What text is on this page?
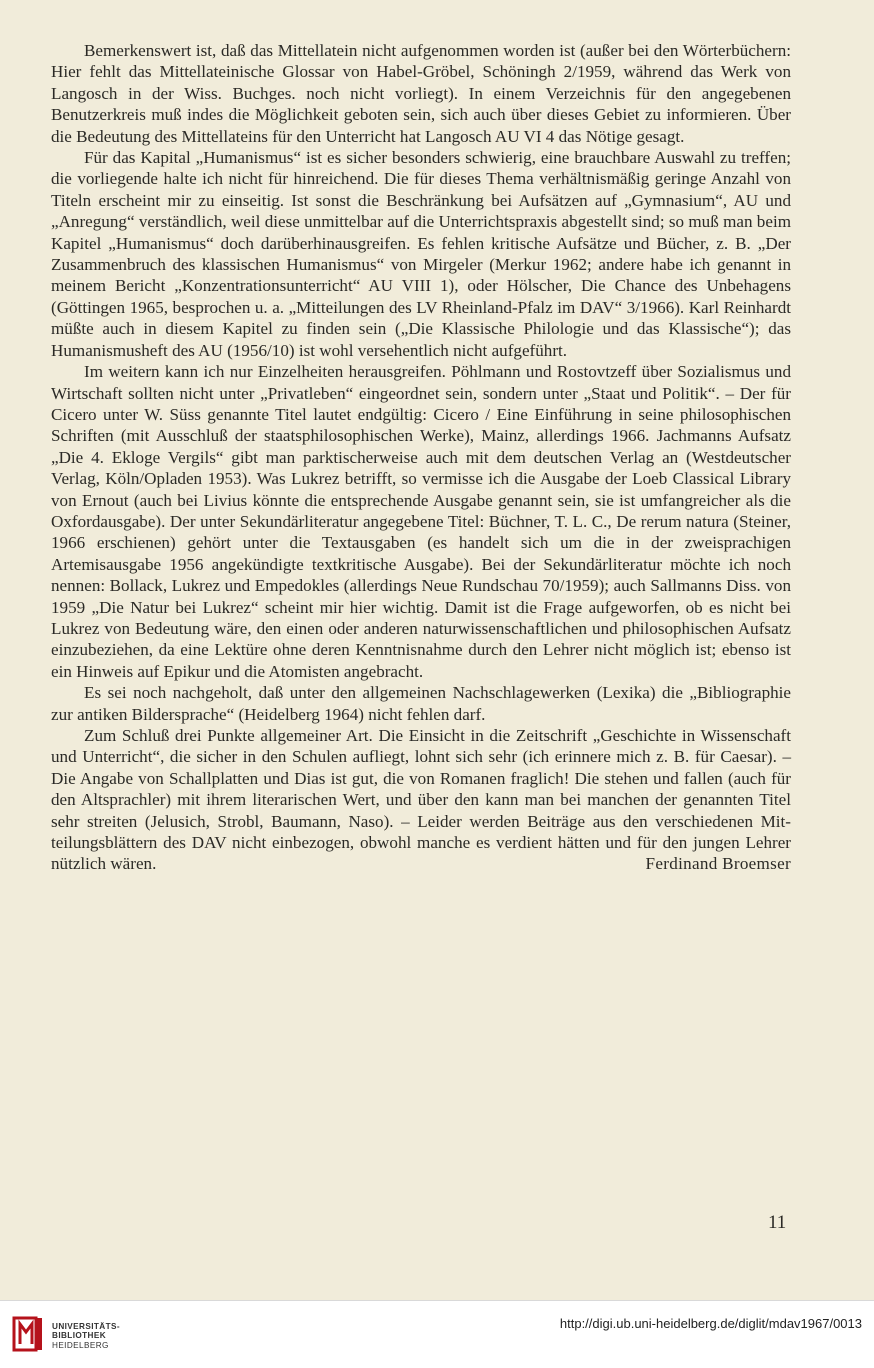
Bemerkenswert ist, daß das Mittellatein nicht aufgenommen worden ist (außer bei den Wörterbüchern: Hier fehlt das Mittellateinische Glossar von Habel-Gröbel, Schöningh 2/1959, während das Werk von Langosch in der Wiss. Buchges. noch nicht vorliegt). In einem Verzeichnis für den angegebenen Benutzerkreis muß indes die Möglichkeit geboten sein, sich auch über dieses Gebiet zu informieren. Über die Bedeutung des Mittellateins für den Unterricht hat Langosch AU VI 4 das Nötige gesagt.

Für das Kapital „Humanismus“ ist es sicher besonders schwierig, eine brauchbare Auswahl zu treffen; die vorliegende halte ich nicht für hinreichend. Die für dieses Thema verhältnismäßig geringe Anzahl von Titeln erscheint mir zu einseitig. Ist sonst die Beschränkung bei Aufsätzen auf „Gymnasium“, AU und „Anregung“ verständlich, weil diese unmittelbar auf die Unterrichtspraxis abgestellt sind; so muß man beim Kapitel „Humanismus“ doch darüberhinausgreifen. Es fehlen kritische Aufsätze und Bücher, z. B. „Der Zusammenbruch des klassischen Humanismus“ von Mirgeler (Merkur 1962; andere habe ich genannt in meinem Bericht „Konzentrationsunterricht“ AU VIII 1), oder Hölscher, Die Chance des Unbehagens (Göttingen 1965, besprochen u. a. „Mitteilungen des LV Rheinland-Pfalz im DAV“ 3/1966). Karl Reinhardt müßte auch in diesem Kapitel zu finden sein („Die Klassische Philologie und das Klassische“); das Humanismusheft des AU (1956/10) ist wohl versehentlich nicht aufgeführt.

Im weitern kann ich nur Einzelheiten herausgreifen. Pöhlmann und Rostovtzeff über Sozialismus und Wirtschaft sollten nicht unter „Privatleben“ eingeordnet sein, sondern unter „Staat und Politik“. – Der für Cicero unter W. Süss genannte Titel lautet endgültig: Cicero / Eine Einführung in seine philosophischen Schriften (mit Ausschluß der staatsphilosophischen Werke), Mainz, allerdings 1966. Jachmanns Aufsatz „Die 4. Ekloge Vergils“ gibt man parktischerweise auch mit dem deutschen Verlag an (Westdeutscher Verlag, Köln/Opladen 1953). Was Lukrez betrifft, so vermisse ich die Ausgabe der Loeb Classical Library von Ernout (auch bei Livius könnte die entsprechende Ausgabe genannt sein, sie ist umfangreicher als die Oxfordausgabe). Der unter Sekundärliteratur angegebene Titel: Büchner, T. L. C., De rerum natura (Steiner, 1966 erschienen) gehört unter die Textausgaben (es handelt sich um die in der zweisprachigen Artemisausgabe 1956 angekündigte textkritische Ausgabe). Bei der Sekundärliteratur möchte ich noch nennen: Bollack, Lukrez und Empedokles (allerdings Neue Rundschau 70/1959); auch Sallmanns Diss. von 1959 „Die Natur bei Lukrez“ scheint mir hier wichtig. Damit ist die Frage aufgeworfen, ob es nicht bei Lukrez von Bedeutung wäre, den einen oder anderen naturwissenschaftlichen und philosophischen Aufsatz einzubeziehen, da eine Lektüre ohne deren Kenntnisnahme durch den Lehrer nicht möglich ist; ebenso ist ein Hinweis auf Epikur und die Atomisten angebracht.

Es sei noch nachgeholt, daß unter den allgemeinen Nachschlagewerken (Lexika) die „Bibliographie zur antiken Bildersprache“ (Heidelberg 1964) nicht fehlen darf.

Zum Schluß drei Punkte allgemeiner Art. Die Einsicht in die Zeitschrift „Geschichte in Wissenschaft und Unterricht“, die sicher in den Schulen aufliegt, lohnt sich sehr (ich erinnere mich z. B. für Caesar). – Die Angabe von Schallplatten und Dias ist gut, die von Romanen fraglich! Die stehen und fallen (auch für den Altsprachler) mit ihrem literarischen Wert, und über den kann man bei manchen der genannten Titel sehr streiten (Jelusich, Strobl, Baumann, Naso). – Leider werden Beiträge aus den verschiedenen Mitteilungsblättern des DAV nicht einbezogen, obwohl manche es verdient hätten und für den jungen Lehrer nützlich wären.	Ferdinand Broemser

11
UNIVERSITÄTS-
BIBLIOTHEK
HEIDELBERG
http://digi.ub.uni-heidelberg.de/diglit/mdav1967/0013
